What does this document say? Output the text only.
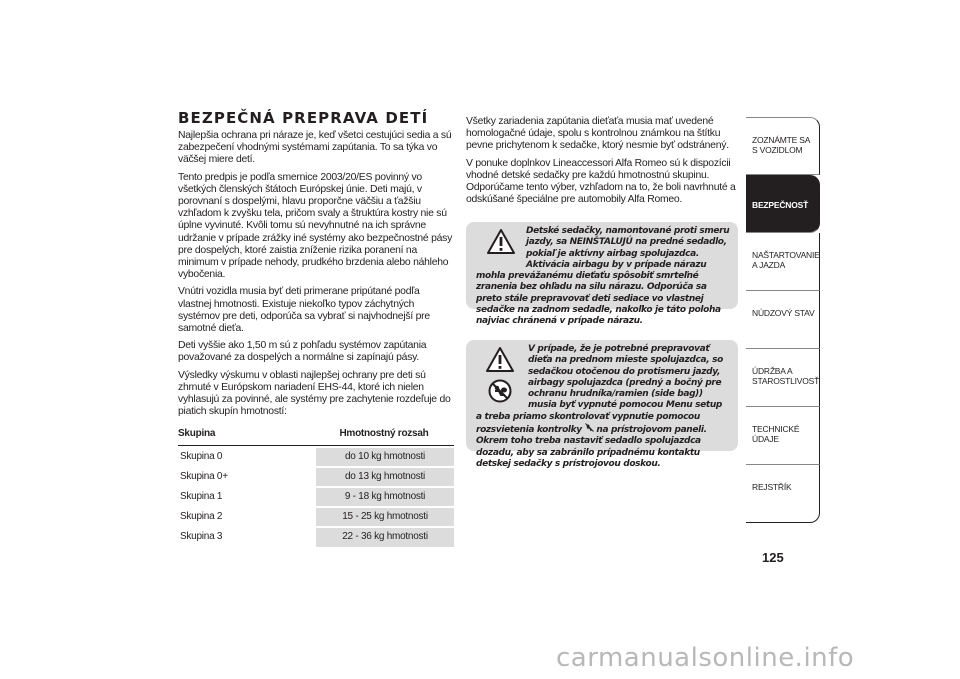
BEZPEČNÁ PREPRAVA DETÍ

Najlepšia ochrana pri náraze je, keď všetci cestujúci sedia a sú zabezpečení vhodnými systémami zapútania. To sa týka vo väčšej miere detí.

Tento predpis je podľa smernice 2003/20/ES povinný vo všetkých členských štátoch Európskej únie. Deti majú, v porovnaní s dospelými, hlavu proporčne väčšiu a ťažšiu vzhľadom k zvyšku tela, pričom svaly a štruktúra kostry nie sú úplne vyvinuté. Kvôli tomu sú nevyhnutné na ich správne udržanie v prípade zrážky iné systémy ako bezpečnostné pásy pre dospelých, ktoré zaistia zníženie rizika poranení na minimum v prípade nehody, prudkého brzdenia alebo náhleho vybočenia.

Vnútri vozidla musia byť deti primerane pripútané podľa vlastnej hmotnosti. Existuje niekoľko typov záchytných systémov pre deti, odporúča sa vybrať si najvhodnejší pre samotné dieťa.

Deti vyššie ako 1,50 m sú z pohľadu systémov zapútania považované za dospelých a normálne si zapínajú pásy.

Výsledky výskumu v oblasti najlepšej ochrany pre deti sú zhrnuté v Európskom nariadení EHS-44, ktoré ich nielen vyhlasujú za povinné, ale systémy pre zachytenie rozdeľuje do piatich skupín hmotností:

Skupina	Hmotnostný rozsah
Skupina 0	do 10 kg hmotnosti
Skupina 0+	do 13 kg hmotnosti
Skupina 1	9 - 18 kg hmotnosti
Skupina 2	15 - 25 kg hmotnosti
Skupina 3	22 - 36 kg hmotnosti

Všetky zariadenia zapútania dieťaťa musia mať uvedené homologačné údaje, spolu s kontrolnou známkou na štítku pevne prichytenom k sedačke, ktorý nesmie byť odstránený.

V ponuke doplnkov Lineaccessori Alfa Romeo sú k dispozícii vhodné detské sedačky pre každú hmotnostnú skupinu. Odporúčame tento výber, vzhľadom na to, že boli navrhnuté a odskúšané špeciálne pre automobily Alfa Romeo.

Detské sedačky, namontované proti smeru jazdy, sa NEINŠTALUJÚ na predné sedadlo, pokiaľ je aktívny airbag spolujazdca. Aktivácia airbagu by v prípade nárazu mohla prevážanému dieťaťu spôsobiť smrteľné zranenia bez ohľadu na silu nárazu. Odporúča sa preto stále prepravovať deti sediace vo vlastnej sedačke na zadnom sedadle, nakoľko je táto poloha najviac chránená v prípade nárazu.
V prípade, že je potrebné prepravovať dieťa na prednom mieste spolujazdca, so sedačkou otočenou do protismeru jazdy, airbagy spolujazdca (predný a bočný pre ochranu hrudníka/ramien (side bag)) musia byť vypnuté pomocou Menu setup a treba priamo skontrolovať vypnutie pomocou rozsvietenia kontrolky  na prístrojovom paneli. Okrem toho treba nastaviť sedadlo spolujazdca dozadu, aby sa zabránilo prípadnému kontaktu detskej sedačky s prístrojovou doskou.
ZOZNÁMTE SA S VOZIDLOM
BEZPEČNOSŤ
NAŠTARTOVANIE A JAZDA
NÚDZOVÝ STAV
ÚDRŽBA A STAROSTLIVOSŤ
TECHNICKÉ ÚDAJE
REJSTŘÍK
125
carmanualsonline.info
